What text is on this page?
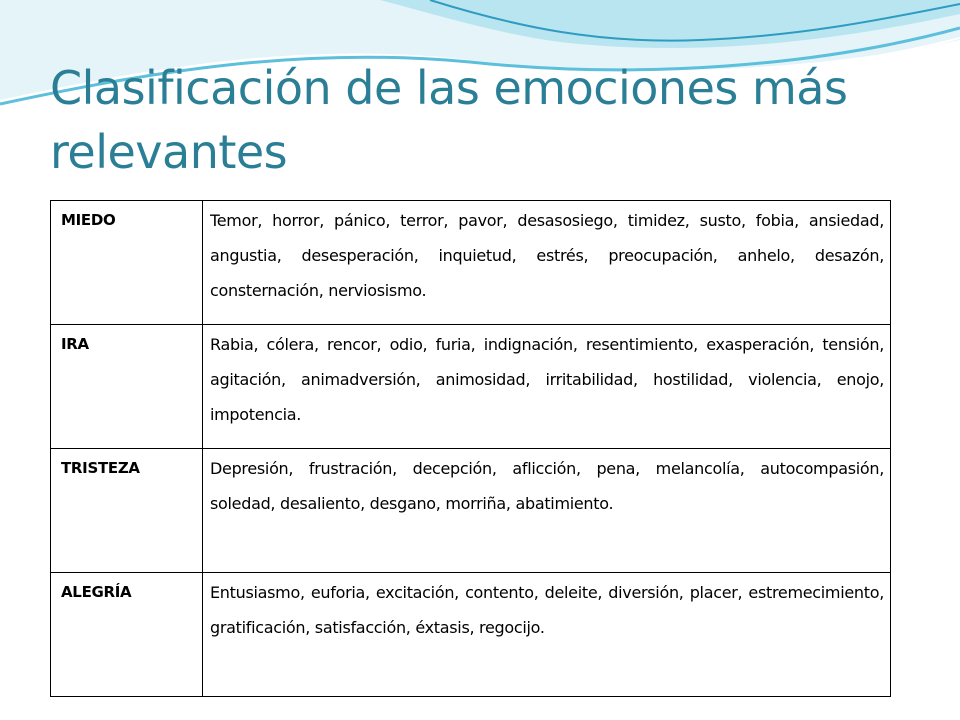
Clasificación de las emociones más relevantes
MIEDO	Temor, horror, pánico, terror, pavor, desasosiego, timidez, susto, fobia, ansiedad, angustia, desesperación, inquietud, estrés, preocupación, anhelo, desazón, consternación, nerviosismo.
IRA	Rabia, cólera, rencor, odio, furia, indignación, resentimiento, exasperación, tensión, agitación, animadversión, animosidad, irritabilidad, hostilidad, violencia, enojo, impotencia.
TRISTEZA	Depresión, frustración, decepción, aflicción, pena, melancolía, autocompasión, soledad, desaliento, desgano, morriña, abatimiento.
ALEGRÍA	Entusiasmo, euforia, excitación, contento, deleite, diversión, placer, estremecimiento, gratificación, satisfacción, éxtasis, regocijo.
